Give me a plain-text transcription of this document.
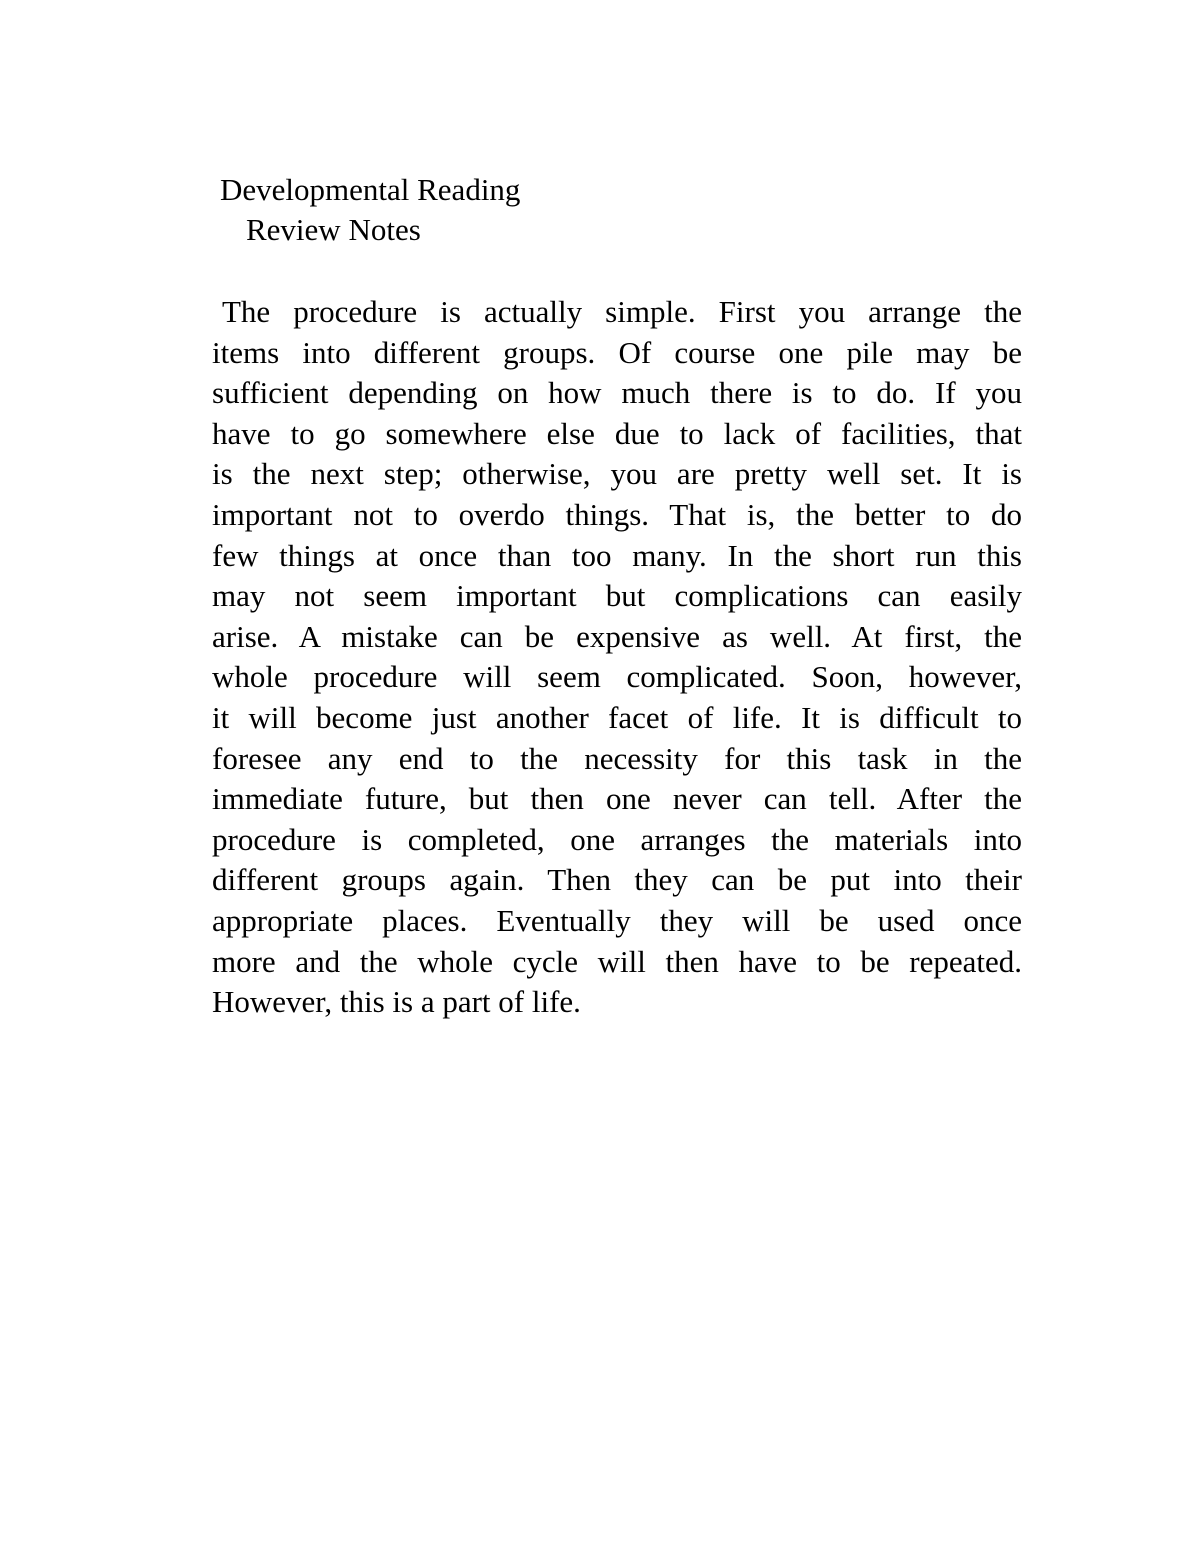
Developmental Reading
Review Notes
The procedure is actually simple. First you arrange the
items into different groups. Of course one pile may be
sufficient depending on how much there is to do. If you
have to go somewhere else due to lack of facilities, that
is the next step; otherwise, you are pretty well set. It is
important not to overdo things. That is, the better to do
few things at once than too many. In the short run this
may not seem important but complications can easily
arise. A mistake can be expensive as well. At first, the
whole procedure will seem complicated. Soon, however,
it will become just another facet of life. It is difficult to
foresee any end to the necessity for this task in the
immediate future, but then one never can tell. After the
procedure is completed, one arranges the materials into
different groups again. Then they can be put into their
appropriate places. Eventually they will be used once
more and the whole cycle will then have to be repeated.
However, this is a part of life.
